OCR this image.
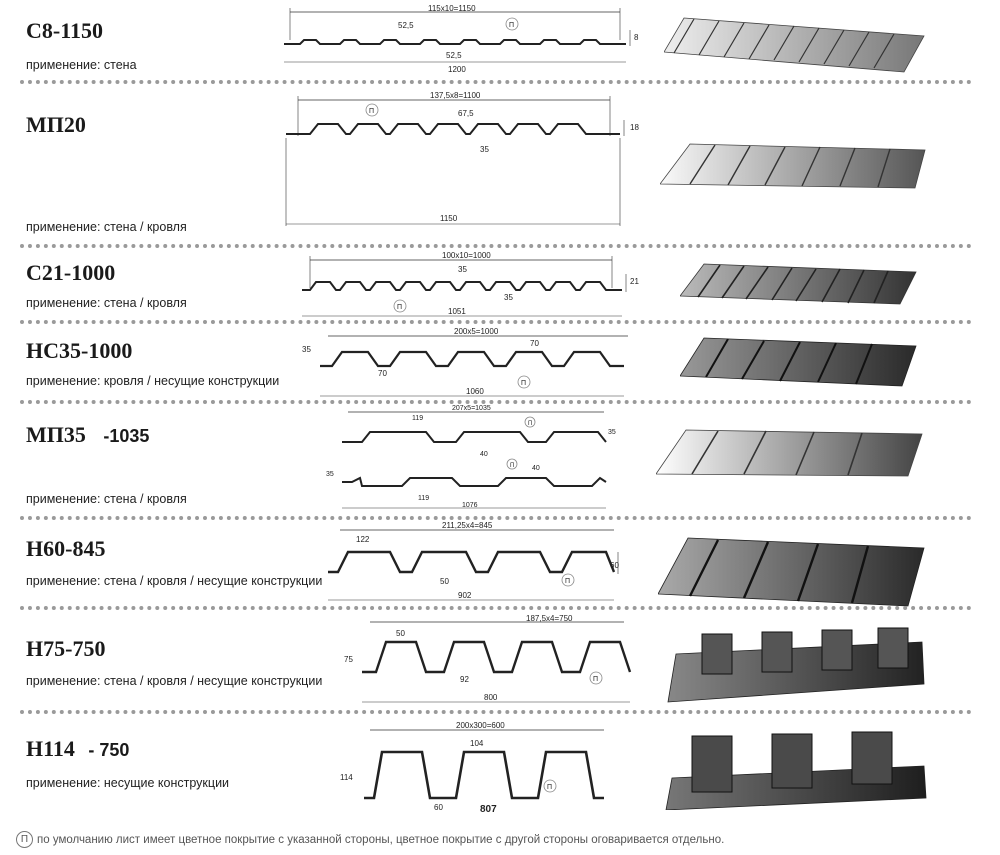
С8-1150
применение: стена
115x10=1150
52,5
52,5
П
8
1200
МП20
применение: стена / кровля
137,5x8=1100
67,5
П
35
18
1150
С21-1000
применение: стена / кровля
100x10=1000
35
П
35
21
1051
НС35-1000
применение: кровля / несущие конструкции
200x5=1000
70
35
70
П
1060
МП35 -1035
применение: стена / кровля
207x5=1035
119
П
35
40
П	40
35
119
1076
Н60-845
применение: стена / кровля / несущие конструкции
211,25x4=845
122
П
50
60
902
Н75-750
применение: стена / кровля / несущие конструкции
187,5x4=750
50
75
П
92
800
Н114 - 750
применение: несущие конструкции
200x300=600
104
114
П
60	807
П по умолчанию лист имеет цветное покрытие с указанной стороны, цветное покрытие с другой стороны оговаривается отдельно.
